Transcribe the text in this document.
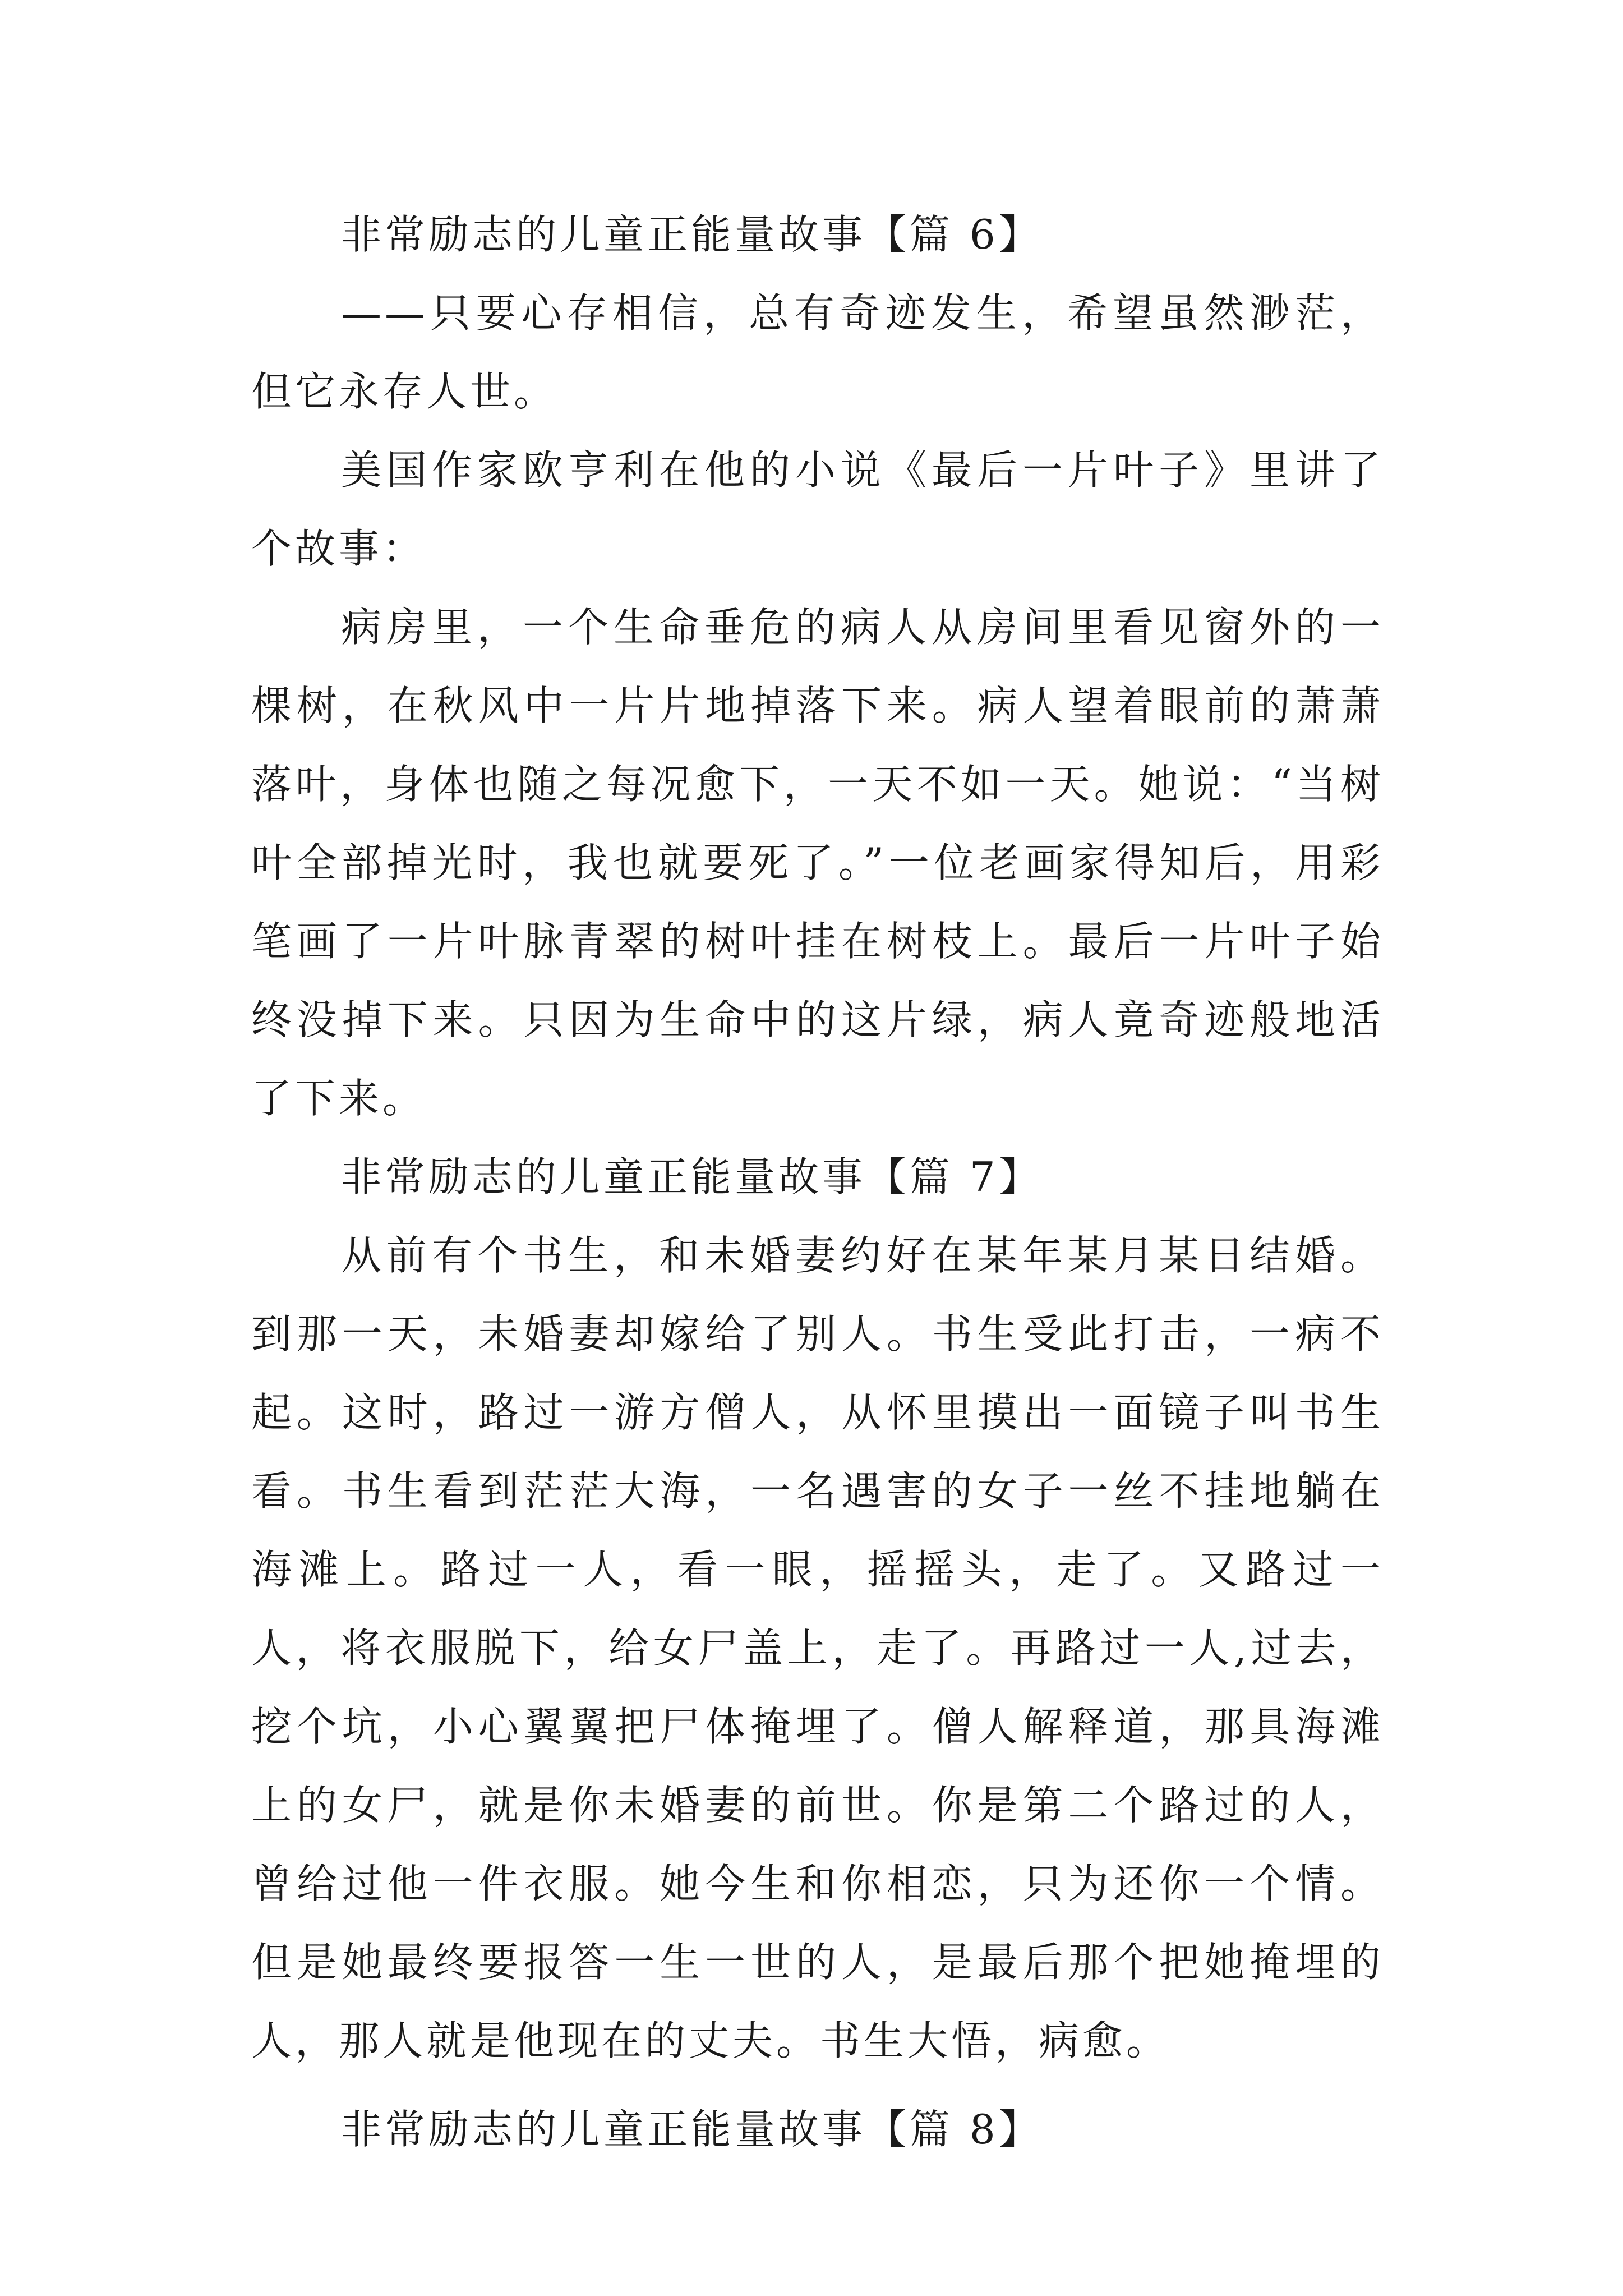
非常励志的儿童正能量故事【篇 6】

——只要心存相信，总有奇迹发生，希望虽然渺茫，但它永存人世。

美国作家欧亨利在他的小说《最后一片叶子》里讲了个故事：

病房里，一个生命垂危的病人从房间里看见窗外的一棵树，在秋风中一片片地掉落下来。病人望着眼前的萧萧落叶，身体也随之每况愈下，一天不如一天。她说：“当树叶全部掉光时，我也就要死了。”一位老画家得知后，用彩笔画了一片叶脉青翠的树叶挂在树枝上。最后一片叶子始终没掉下来。只因为生命中的这片绿，病人竟奇迹般地活了下来。

非常励志的儿童正能量故事【篇 7】

从前有个书生，和未婚妻约好在某年某月某日结婚。到那一天，未婚妻却嫁给了别人。书生受此打击，一病不起。这时，路过一游方僧人，从怀里摸出一面镜子叫书生看。书生看到茫茫大海，一名遇害的女子一丝不挂地躺在海滩上。路过一人，看一眼，摇摇头，走了。又路过一人，将衣服脱下，给女尸盖上，走了。再路过一人,过去，挖个坑，小心翼翼把尸体掩埋了。僧人解释道，那具海滩上的女尸，就是你未婚妻的前世。你是第二个路过的人，曾给过他一件衣服。她今生和你相恋，只为还你一个情。但是她最终要报答一生一世的人，是最后那个把她掩埋的人，那人就是他现在的丈夫。书生大悟，病愈。

非常励志的儿童正能量故事【篇 8】
